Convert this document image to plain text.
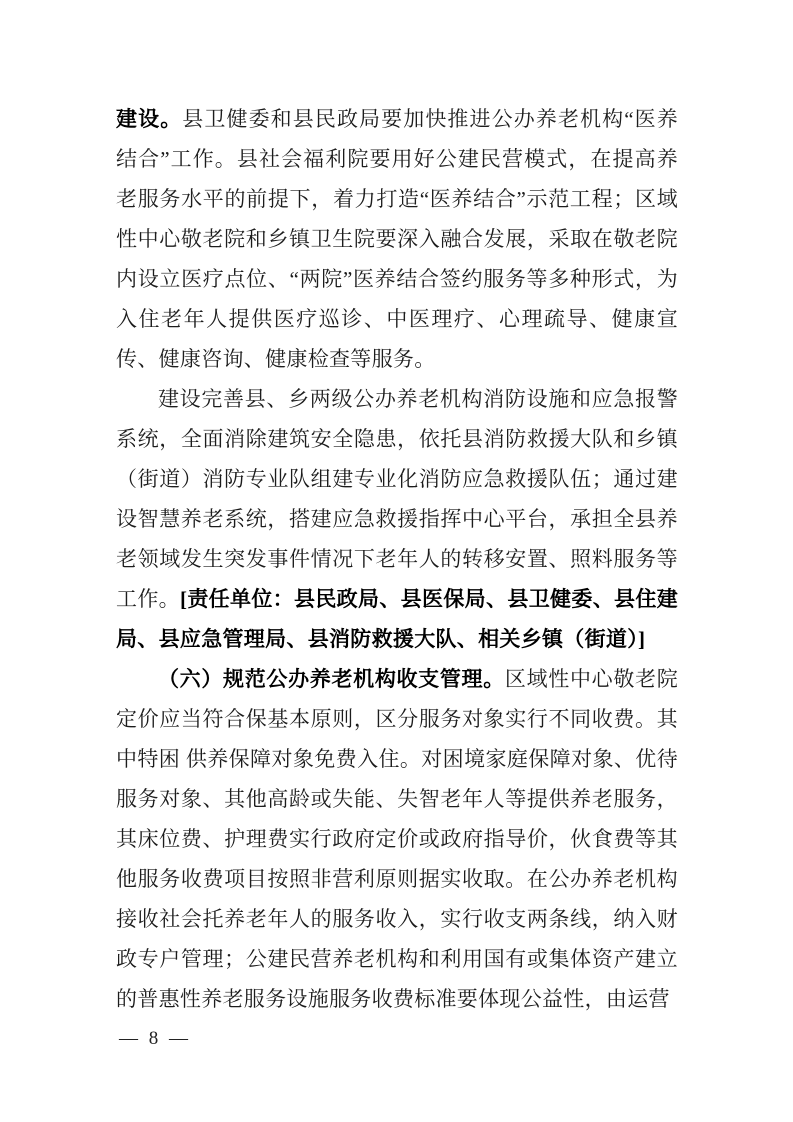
建设。县卫健委和县民政局要加快推进公办养老机构“医养结合”工作。县社会福利院要用好公建民营模式，在提高养老服务水平的前提下，着力打造“医养结合”示范工程；区域性中心敬老院和乡镇卫生院要深入融合发展，采取在敬老院内设立医疗点位、“两院”医养结合签约服务等多种形式，为入住老年人提供医疗巡诊、中医理疗、心理疏导、健康宣传、健康咨询、健康检查等服务。

建设完善县、乡两级公办养老机构消防设施和应急报警系统，全面消除建筑安全隐患，依托县消防救援大队和乡镇（街道）消防专业队组建专业化消防应急救援队伍；通过建设智慧养老系统，搭建应急救援指挥中心平台，承担全县养老领域发生突发事件情况下老年人的转移安置、照料服务等工作。[责任单位：县民政局、县医保局、县卫健委、县住建局、县应急管理局、县消防救援大队、相关乡镇（街道）]

（六）规范公办养老机构收支管理。区域性中心敬老院定价应当符合保基本原则，区分服务对象实行不同收费。其中特困 供养保障对象免费入住。对困境家庭保障对象、优待服务对象、其他高龄或失能、失智老年人等提供养老服务，其床位费、护理费实行政府定价或政府指导价，伙食费等其他服务收费项目按照非营利原则据实收取。在公办养老机构接收社会托养老年人的服务收入，实行收支两条线，纳入财政专户管理；公建民营养老机构和利用国有或集体资产建立的普惠性养老服务设施服务收费标准要体现公益性，由运营

— 8 —
